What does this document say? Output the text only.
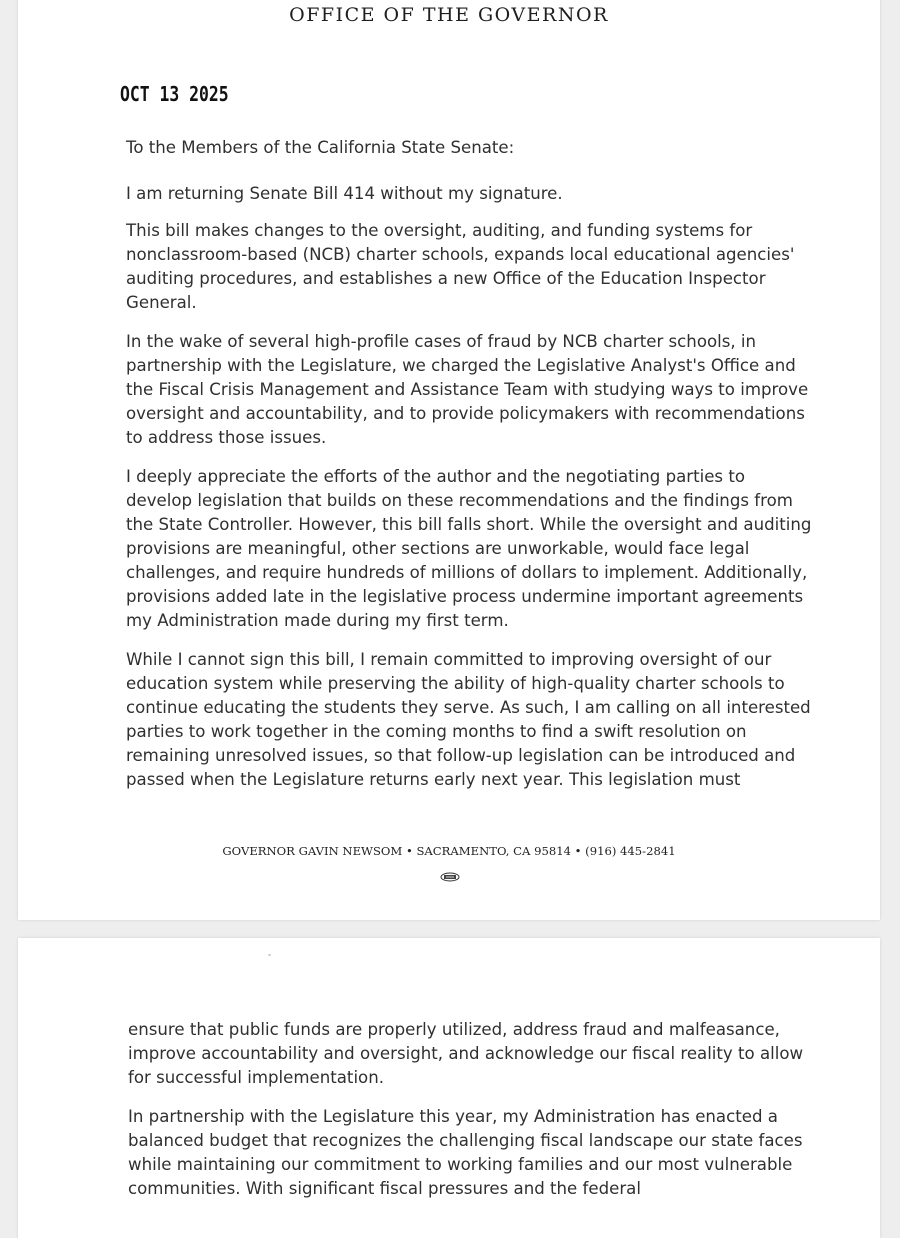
OFFICE OF THE GOVERNOR
OCT 13 2025
To the Members of the California State Senate:

I am returning Senate Bill 414 without my signature.

This bill makes changes to the oversight, auditing, and funding systems for nonclassroom-based (NCB) charter schools, expands local educational agencies' auditing procedures, and establishes a new Office of the Education Inspector General.

In the wake of several high-profile cases of fraud by NCB charter schools, in partnership with the Legislature, we charged the Legislative Analyst's Office and the Fiscal Crisis Management and Assistance Team with studying ways to improve oversight and accountability, and to provide policymakers with recommendations to address those issues.

I deeply appreciate the efforts of the author and the negotiating parties to develop legislation that builds on these recommendations and the findings from the State Controller. However, this bill falls short. While the oversight and auditing provisions are meaningful, other sections are unworkable, would face legal challenges, and require hundreds of millions of dollars to implement. Additionally, provisions added late in the legislative process undermine important agreements my Administration made during my first term.

While I cannot sign this bill, I remain committed to improving oversight of our education system while preserving the ability of high-quality charter schools to continue educating the students they serve. As such, I am calling on all interested parties to work together in the coming months to find a swift resolution on remaining unresolved issues, so that follow-up legislation can be introduced and passed when the Legislature returns early next year. This legislation must

GOVERNOR GAVIN NEWSOM • SACRAMENTO, CA 95814 • (916) 445-2841

ensure that public funds are properly utilized, address fraud and malfeasance, improve accountability and oversight, and acknowledge our fiscal reality to allow for successful implementation.

In partnership with the Legislature this year, my Administration has enacted a balanced budget that recognizes the challenging fiscal landscape our state faces while maintaining our commitment to working families and our most vulnerable communities. With significant fiscal pressures and the federal
